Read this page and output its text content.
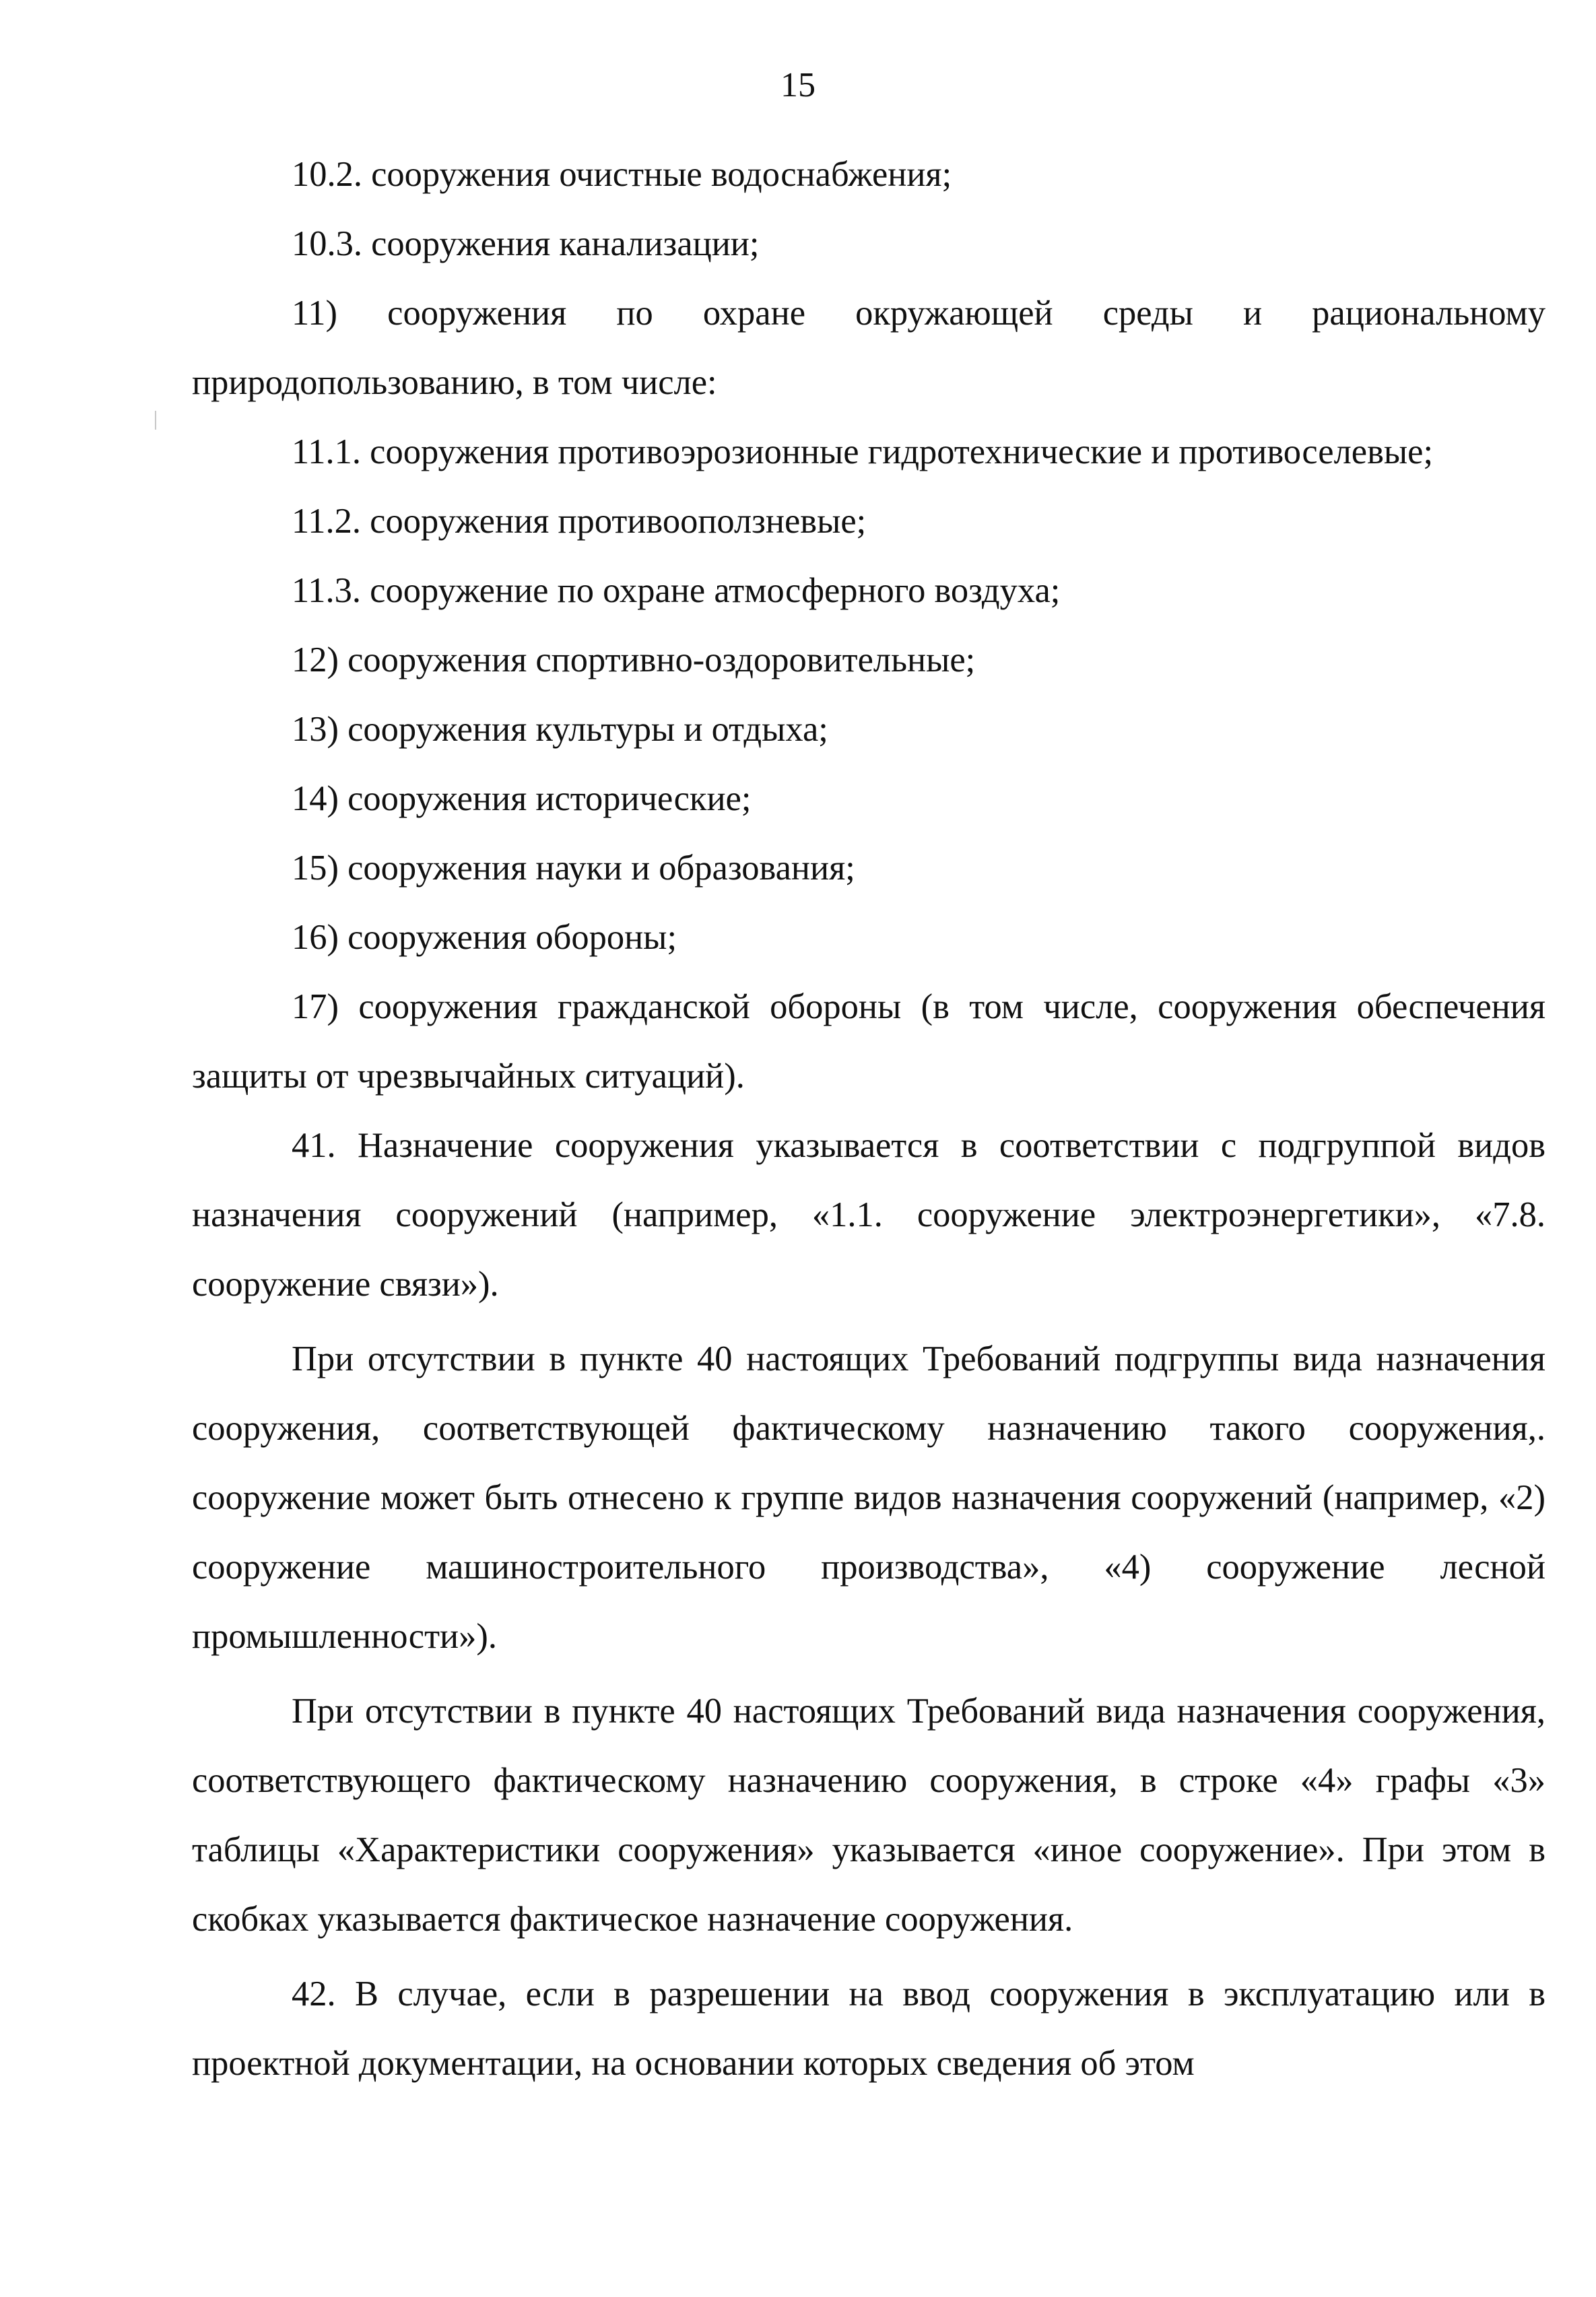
15

10.2. сооружения очистные водоснабжения;

10.3. сооружения канализации;

11) сооружения по охране окружающей среды и рациональному природопользованию, в том числе:

11.1. сооружения противоэрозионные гидротехнические и противоселевые;

11.2. сооружения противооползневые;

11.3. сооружение по охране атмосферного воздуха;

12) сооружения спортивно-оздоровительные;

13) сооружения культуры и отдыха;

14) сооружения исторические;

15) сооружения науки и образования;

16) сооружения обороны;

17) сооружения гражданской обороны (в том числе, сооружения обеспечения защиты от чрезвычайных ситуаций).

41. Назначение сооружения указывается в соответствии с подгруппой видов назначения сооружений (например, «1.1. сооружение электроэнергетики», «7.8. сооружение связи»).

При отсутствии в пункте 40 настоящих Требований подгруппы вида назначения сооружения, соответствующей фактическому назначению такого сооружения,. сооружение может быть отнесено к группе видов назначения сооружений (например, «2) сооружение машиностроительного производства», «4) сооружение лесной промышленности»).

При отсутствии в пункте 40 настоящих Требований вида назначения сооружения, соответствующего фактическому назначению сооружения, в строке «4» графы «3» таблицы «Характеристики сооружения» указывается «иное сооружение». При этом в скобках указывается фактическое назначение сооружения.

42. В случае, если в разрешении на ввод сооружения в эксплуатацию или в проектной документации, на основании которых сведения об этом
